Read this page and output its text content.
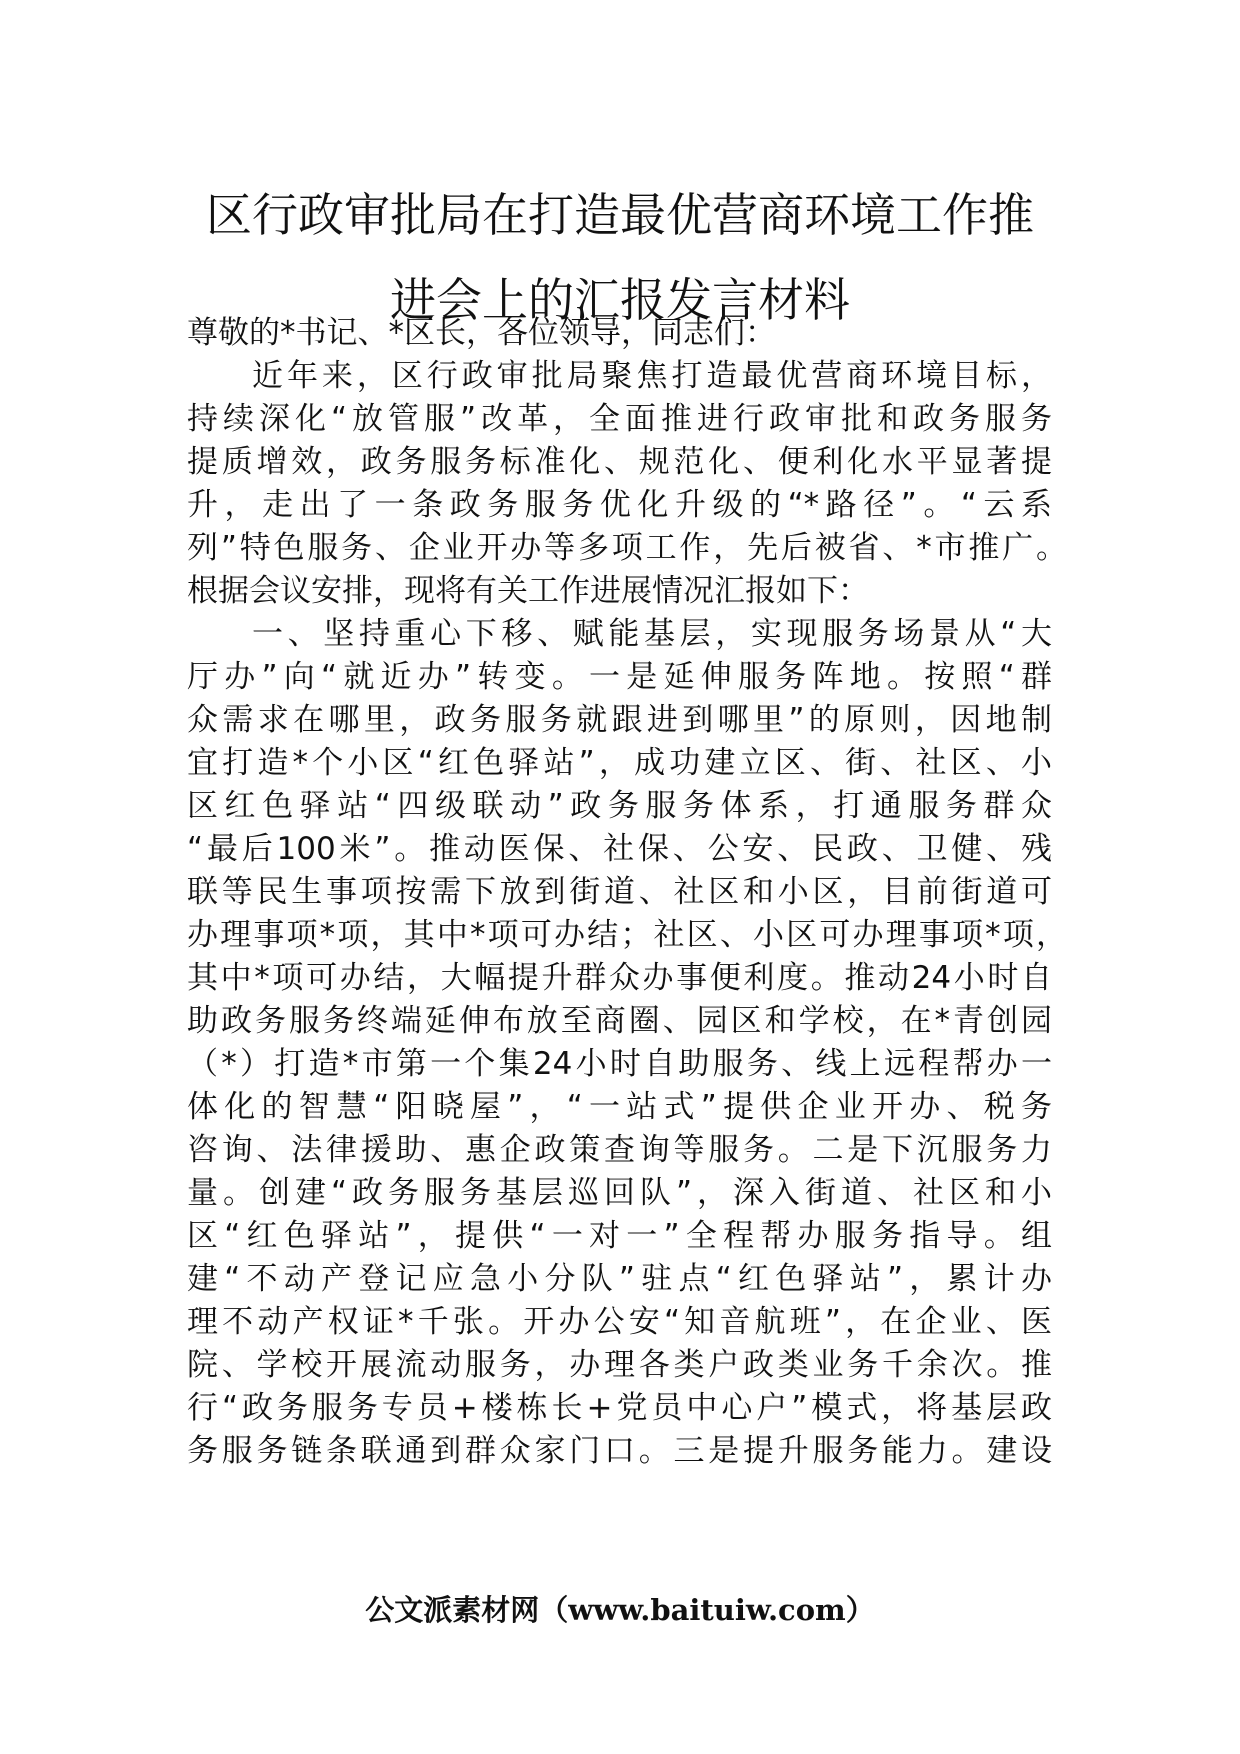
区行政审批局在打造最优营商环境工作推
进会上的汇报发言材料
尊敬的*书记、*区长，各位领导，同志们：
近年来，区行政审批局聚焦打造最优营商环境目标，
持续深化“放管服”改革，全面推进行政审批和政务服务
提质增效，政务服务标准化、规范化、便利化水平显著提
升，走出了一条政务服务优化升级的“*路径”。“云系
列”特色服务、企业开办等多项工作，先后被省、*市推广。
根据会议安排，现将有关工作进展情况汇报如下：
一、坚持重心下移、赋能基层，实现服务场景从“大
厅办”向“就近办”转变。一是延伸服务阵地。按照“群
众需求在哪里，政务服务就跟进到哪里”的原则，因地制
宜打造*个小区“红色驿站”，成功建立区、街、社区、小
区红色驿站“四级联动”政务服务体系，打通服务群众
“最后100米”。推动医保、社保、公安、民政、卫健、残
联等民生事项按需下放到街道、社区和小区，目前街道可
办理事项*项，其中*项可办结；社区、小区可办理事项*项，
其中*项可办结，大幅提升群众办事便利度。推动24小时自
助政务服务终端延伸布放至商圈、园区和学校，在*青创园
（*）打造*市第一个集24小时自助服务、线上远程帮办一
体化的智慧“阳晓屋”，“一站式”提供企业开办、税务
咨询、法律援助、惠企政策查询等服务。二是下沉服务力
量。创建“政务服务基层巡回队”，深入街道、社区和小
区“红色驿站”，提供“一对一”全程帮办服务指导。组
建“不动产登记应急小分队”驻点“红色驿站”，累计办
理不动产权证*千张。开办公安“知音航班”，在企业、医
院、学校开展流动服务，办理各类户政类业务千余次。推
行“政务服务专员+楼栋长+党员中心户”模式，将基层政
务服务链条联通到群众家门口。三是提升服务能力。建设
公文派素材网（www.baituiw.com）
